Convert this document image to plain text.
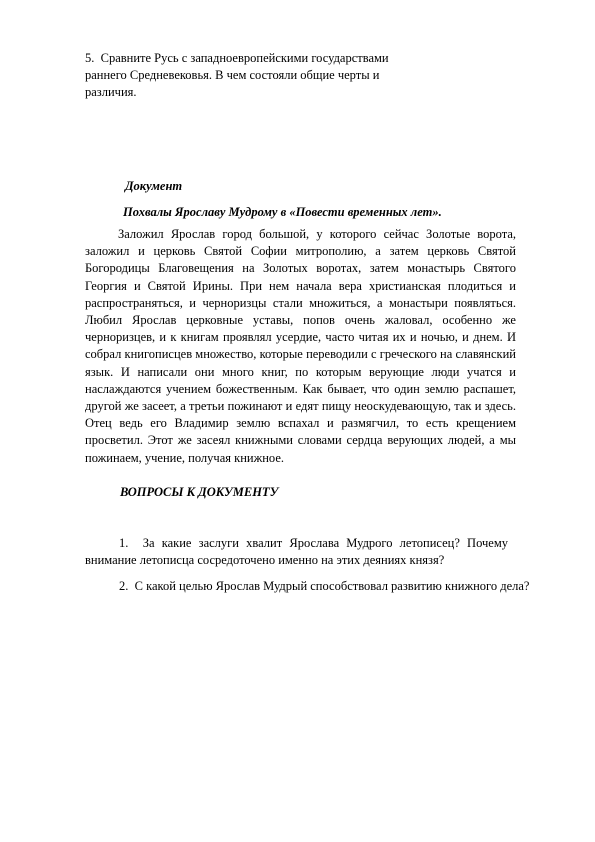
5. Сравните Русь с западноевропейскими государствами раннего Средневековья. В чем состояли общие черты и различия.

Документ

Похвалы Ярославу Мудрому в «Повести временных лет».

Заложил Ярослав город большой, у которого сейчас Золотые ворота, заложил и церковь Святой Софии митрополию, а затем церковь Святой Богородицы Благовещения на Золотых воротах, затем монастырь Святого Георгия и Святой Ирины. При нем начала вера христианская плодиться и распространяться, и черноризцы стали множиться, а монастыри появляться. Любил Ярослав церковные уставы, попов очень жаловал, особенно же черноризцев, и к книгам проявлял усердие, часто читая их и ночью, и днем. И собрал книгописцев множество, которые переводили с греческого на славянский язык. И написали они много книг, по которым верующие люди учатся и наслаждаются учением божественным. Как бывает, что один землю распашет, другой же засеет, а третьи пожинают и едят пищу неоскудевающую, так и здесь. Отец ведь его Владимир землю вспахал и размягчил, то есть крещением просветил. Этот же засеял книжными словами сердца верующих людей, а мы пожинаем, учение, получая книжное.

ВОПРОСЫ К ДОКУМЕНТУ

1. За какие заслуги хвалит Ярослава Мудрого летописец? Почему внимание летописца сосредоточено именно на этих деяниях князя?

2. С какой целью Ярослав Мудрый способствовал развитию книжного дела?
